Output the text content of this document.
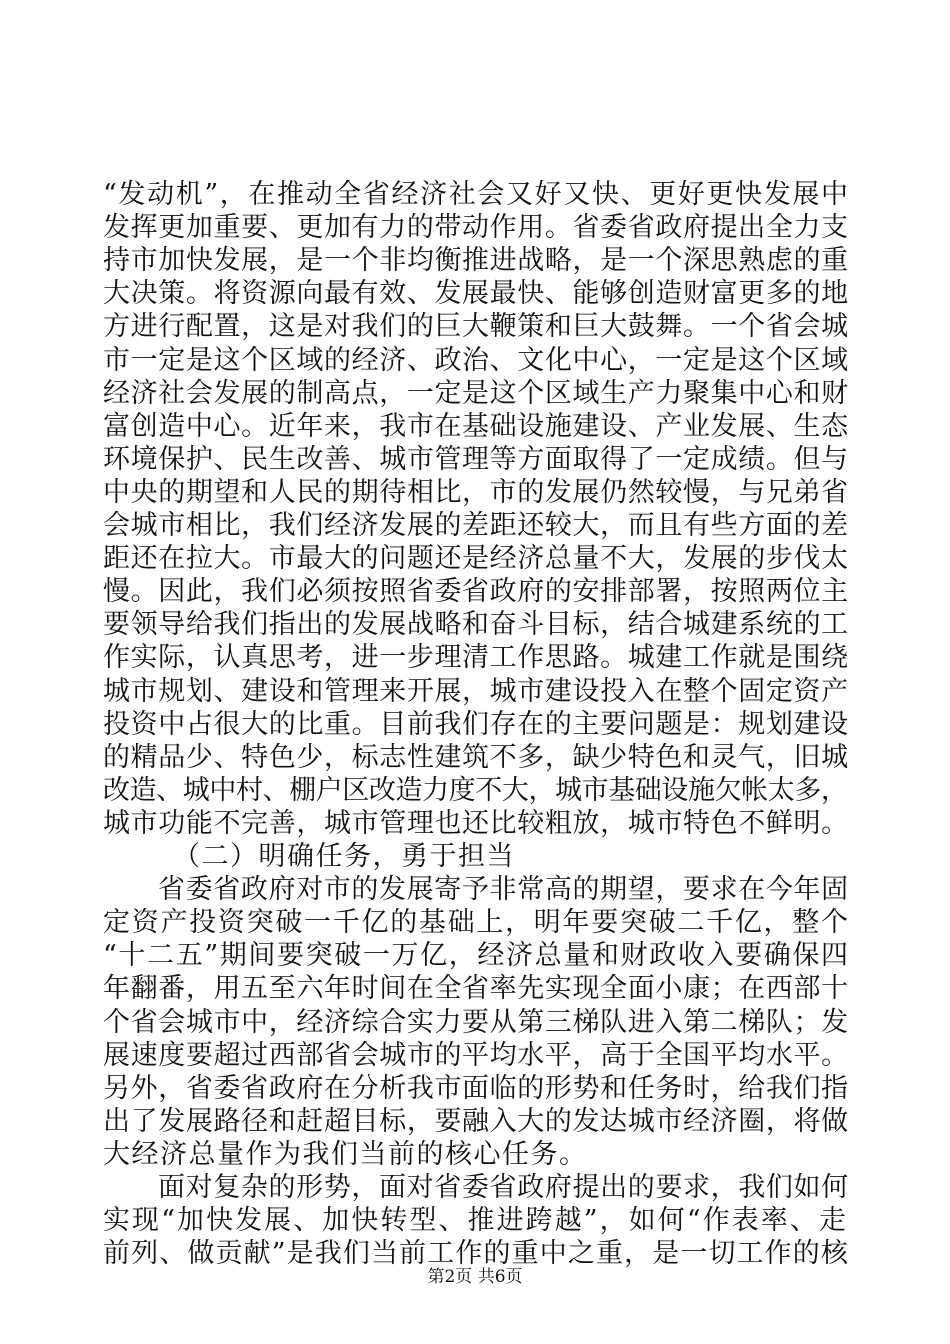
“发动机”，在推动全省经济社会又好又快、更好更快发展中
发挥更加重要、更加有力的带动作用。省委省政府提出全力支
持市加快发展，是一个非均衡推进战略，是一个深思熟虑的重
大决策。将资源向最有效、发展最快、能够创造财富更多的地
方进行配置，这是对我们的巨大鞭策和巨大鼓舞。一个省会城
市一定是这个区域的经济、政治、文化中心，一定是这个区域
经济社会发展的制高点，一定是这个区域生产力聚集中心和财
富创造中心。近年来，我市在基础设施建设、产业发展、生态
环境保护、民生改善、城市管理等方面取得了一定成绩。但与
中央的期望和人民的期待相比，市的发展仍然较慢，与兄弟省
会城市相比，我们经济发展的差距还较大，而且有些方面的差
距还在拉大。市最大的问题还是经济总量不大，发展的步伐太
慢。因此，我们必须按照省委省政府的安排部署，按照两位主
要领导给我们指出的发展战略和奋斗目标，结合城建系统的工
作实际，认真思考，进一步理清工作思路。城建工作就是围绕
城市规划、建设和管理来开展，城市建设投入在整个固定资产
投资中占很大的比重。目前我们存在的主要问题是：规划建设
的精品少、特色少，标志性建筑不多，缺少特色和灵气，旧城
改造、城中村、棚户区改造力度不大，城市基础设施欠帐太多，
城市功能不完善，城市管理也还比较粗放，城市特色不鲜明。
（二）明确任务，勇于担当
省委省政府对市的发展寄予非常高的期望，要求在今年固
定资产投资突破一千亿的基础上，明年要突破二千亿，整个
“十二五”期间要突破一万亿，经济总量和财政收入要确保四
年翻番，用五至六年时间在全省率先实现全面小康；在西部十
个省会城市中，经济综合实力要从第三梯队进入第二梯队；发
展速度要超过西部省会城市的平均水平，高于全国平均水平。
另外，省委省政府在分析我市面临的形势和任务时，给我们指
出了发展路径和赶超目标，要融入大的发达城市经济圈，将做
大经济总量作为我们当前的核心任务。
面对复杂的形势，面对省委省政府提出的要求，我们如何
实现“加快发展、加快转型、推进跨越”，如何“作表率、走
前列、做贡献”是我们当前工作的重中之重，是一切工作的核
第2页 共6页
